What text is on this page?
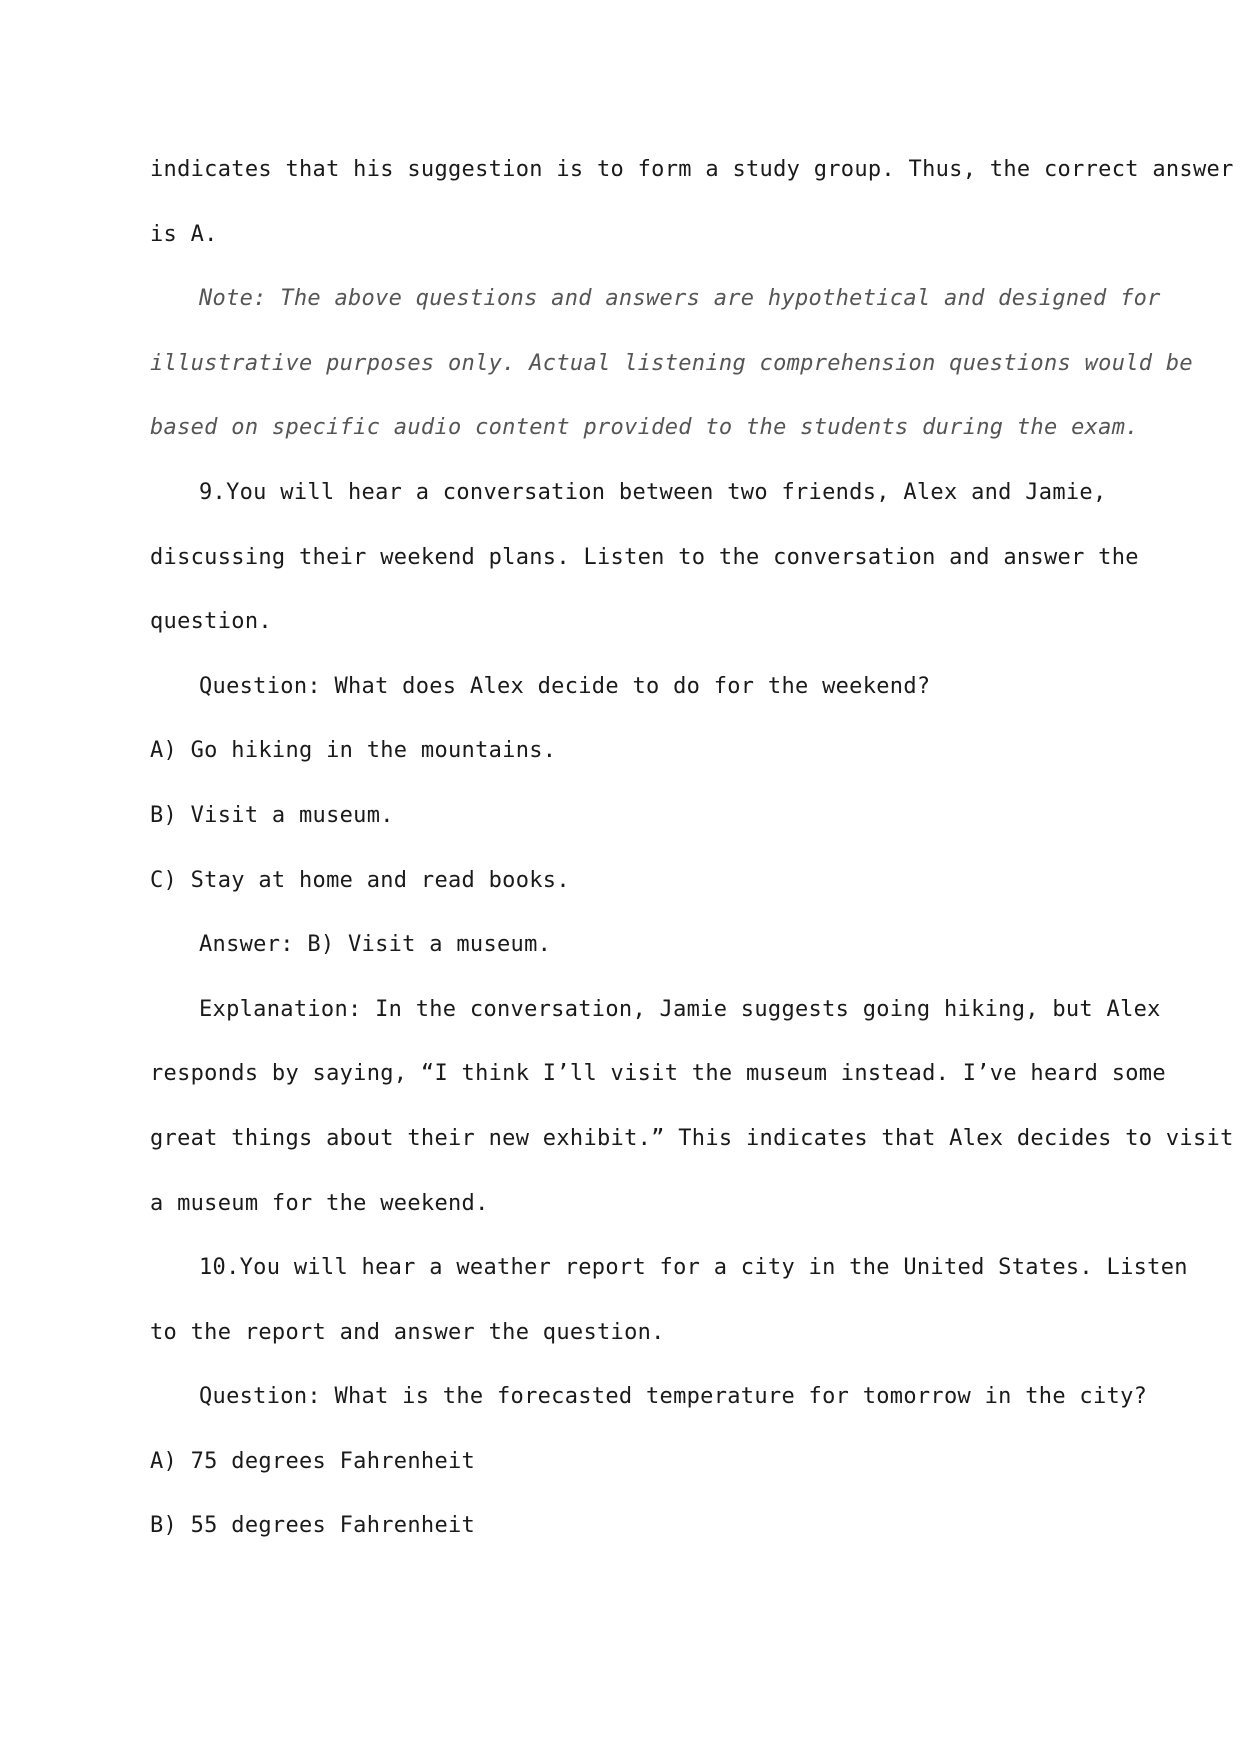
indicates that his suggestion is to form a study group. Thus, the correct answer
is A.
Note: The above questions and answers are hypothetical and designed for
illustrative purposes only. Actual listening comprehension questions would be
based on specific audio content provided to the students during the exam.
9.You will hear a conversation between two friends, Alex and Jamie,
discussing their weekend plans. Listen to the conversation and answer the
question.
Question: What does Alex decide to do for the weekend?
A) Go hiking in the mountains.
B) Visit a museum.
C) Stay at home and read books.
Answer: B) Visit a museum.
Explanation: In the conversation, Jamie suggests going hiking, but Alex
responds by saying, “I think I’ll visit the museum instead. I’ve heard some
great things about their new exhibit.” This indicates that Alex decides to visit
a museum for the weekend.
10.You will hear a weather report for a city in the United States. Listen
to the report and answer the question.
Question: What is the forecasted temperature for tomorrow in the city?
A) 75 degrees Fahrenheit
B) 55 degrees Fahrenheit
